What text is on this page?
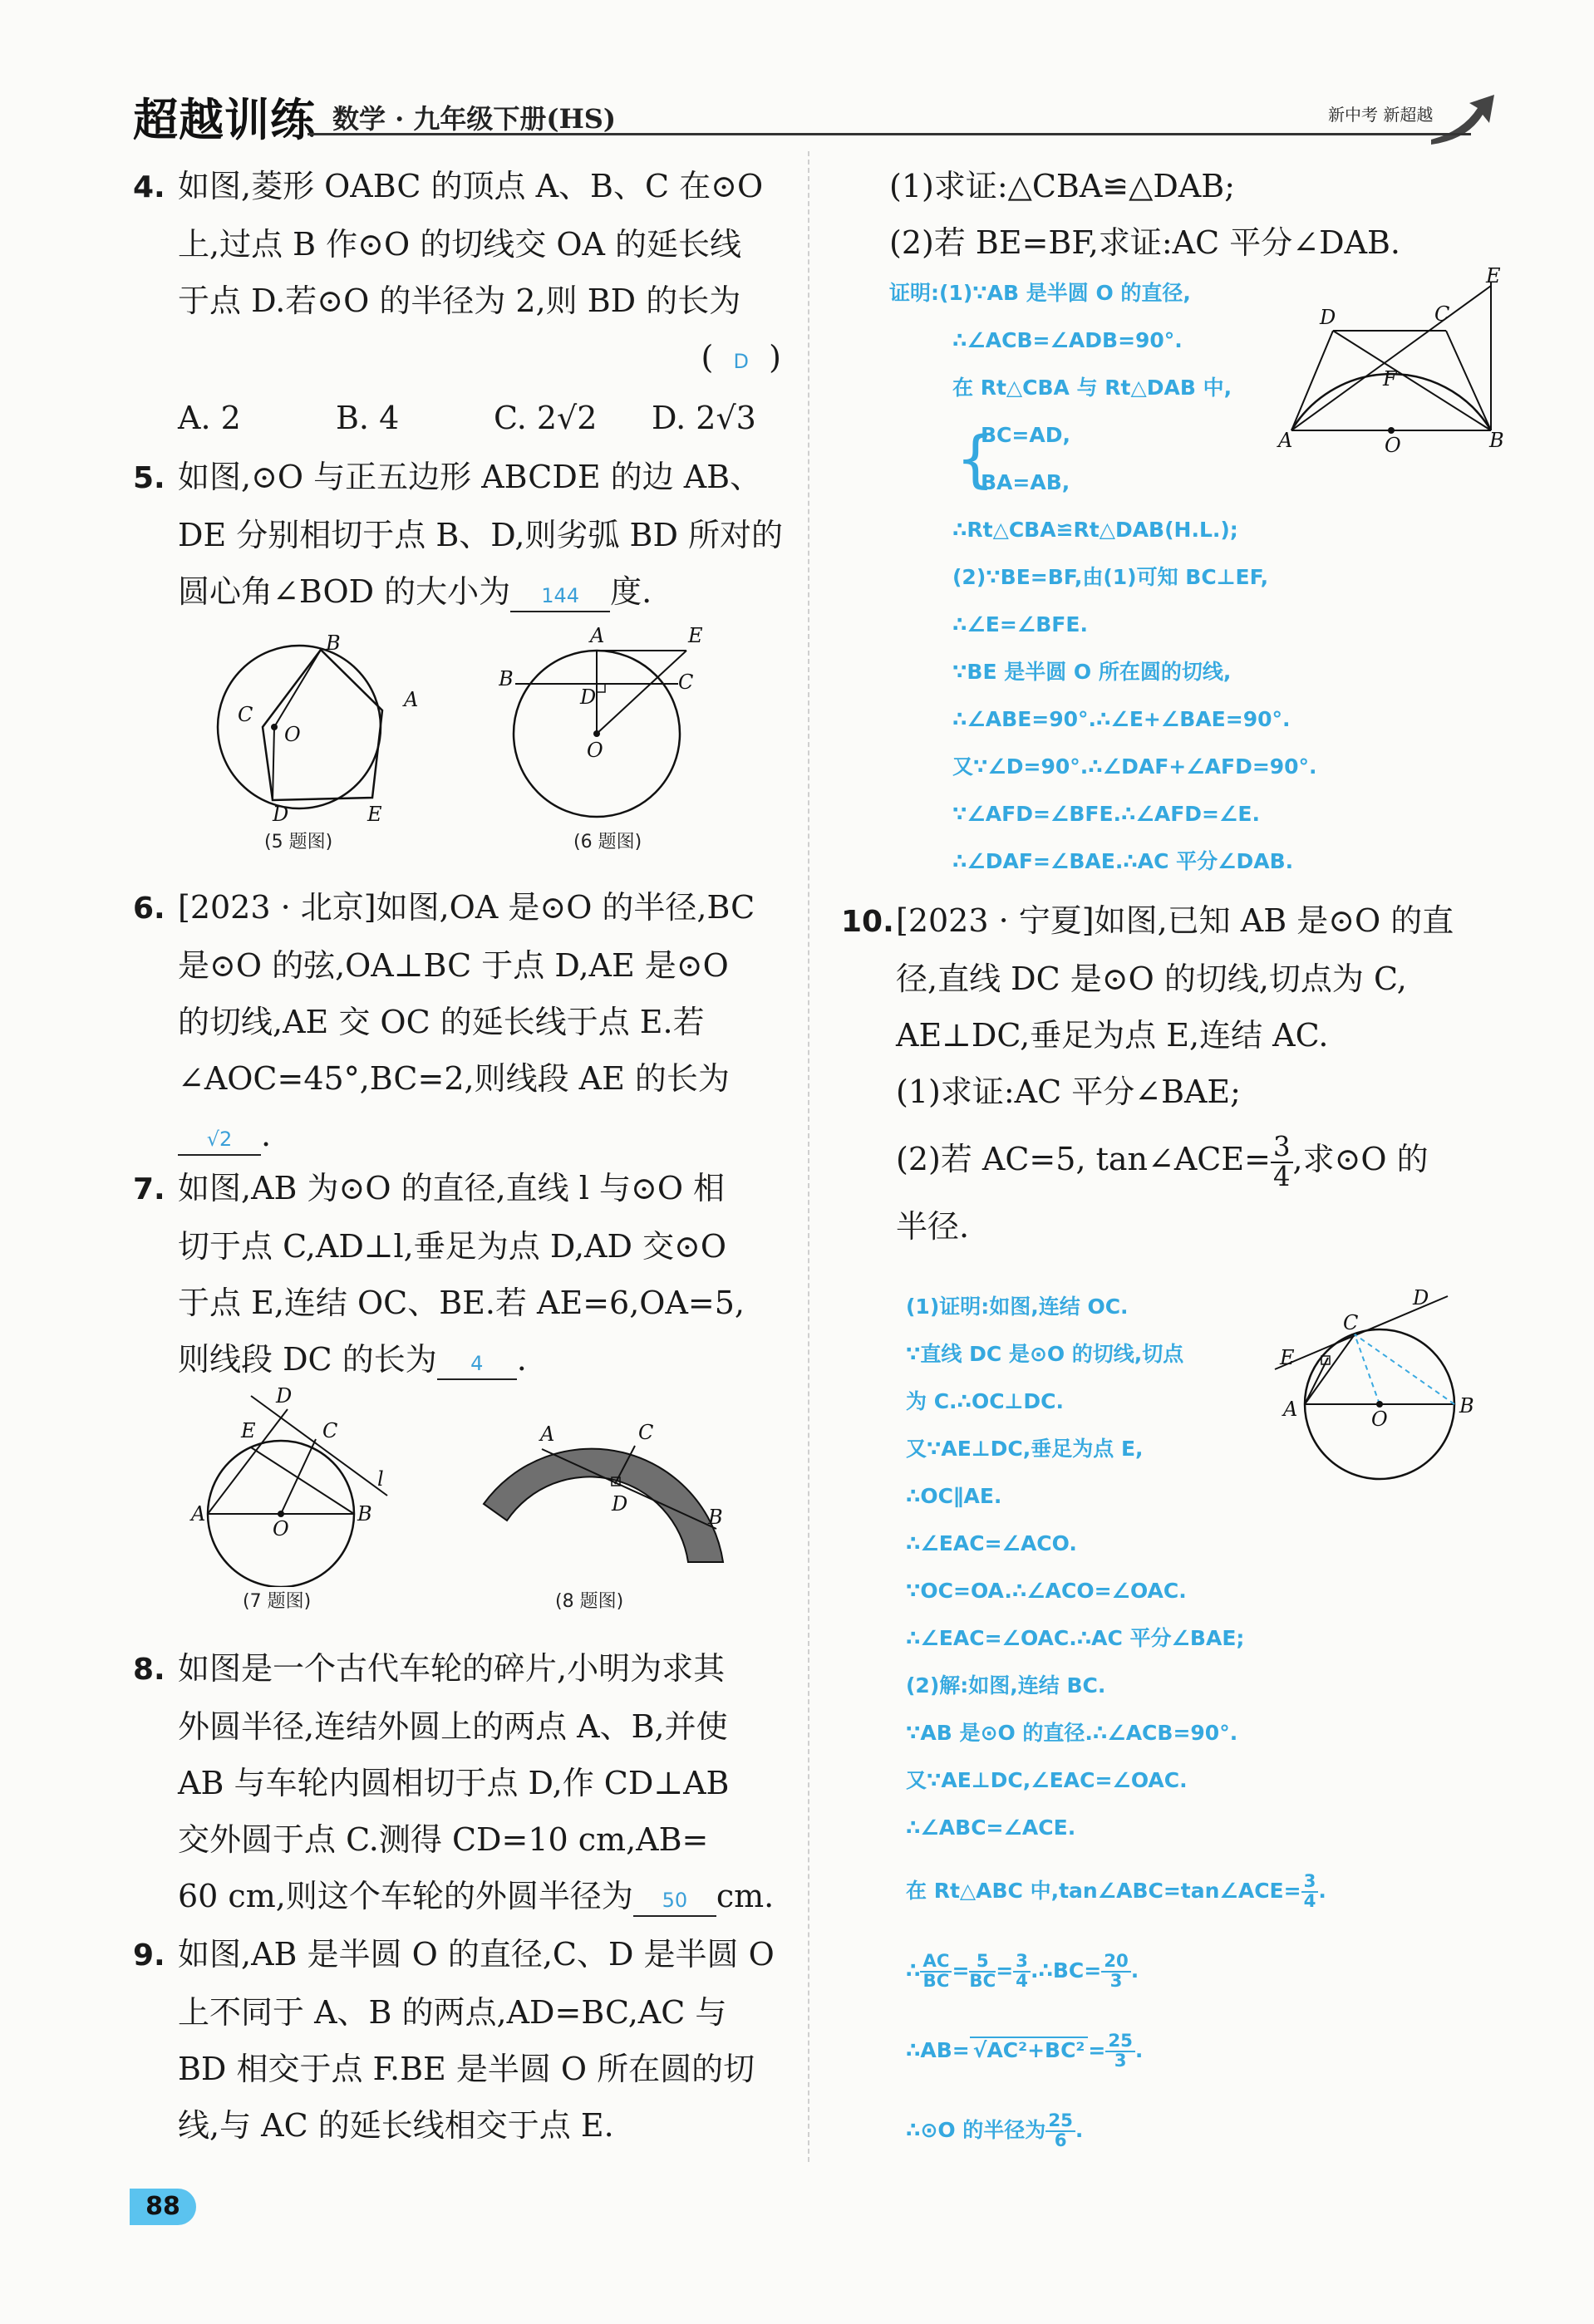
超越训练 数学 · 九年级下册(HS)	新中考 新超越
4. 如图,菱形 OABC 的顶点 A、B、C 在⊙O
上,过点 B 作⊙O 的切线交 OA 的延长线
于点 D.若⊙O 的半径为 2,则 BD 的长为
(  D  )
A. 2	B. 4	C. 2√2 D. 2√3
5. 如图,⊙O 与正五边形 ABCDE 的边 AB、
DE 分别相切于点 B、D,则劣弧 BD 所对的
圆心角∠BOD 的大小为 144 度.
B
A
C
O
D	E
(5 题图)
A	E
B	C
D
O
(6 题图)
6. [2023 · 北京]如图,OA 是⊙O 的半径,BC
是⊙O 的弦,OA⊥BC 于点 D,AE 是⊙O
的切线,AE 交 OC 的延长线于点 E.若
∠AOC=45°,BC=2,则线段 AE 的长为
√2 .
7. 如图,AB 为⊙O 的直径,直线 l 与⊙O 相
切于点 C,AD⊥l,垂足为点 D,AD 交⊙O
于点 E,连结 OC、BE.若 AE=6,OA=5,
则线段 DC 的长为 4 .
D
E	C
l
A	B
O
(7 题图)
A	C
D
B
(8 题图)
8. 如图是一个古代车轮的碎片,小明为求其
外圆半径,连结外圆上的两点 A、B,并使
AB 与车轮内圆相切于点 D,作 CD⊥AB
交外圆于点 C.测得 CD=10 cm,AB=
60 cm,则这个车轮的外圆半径为 50 cm.
9. 如图,AB 是半圆 O 的直径,C、D 是半圆 O
上不同于 A、B 的两点,AD=BC,AC 与
BD 相交于点 F.BE 是半圆 O 所在圆的切
线,与 AC 的延长线相交于点 E.
(1)求证:△CBA≌△DAB;
(2)若 BE=BF,求证:AC 平分∠DAB.

证明:(1)∵AB 是半圆 O 的直径,

∴∠ACB=∠ADB=90°.

在 Rt△CBA 与 Rt△DAB 中,

{

BC=AD,

BA=AB,

∴Rt△CBA≌Rt△DAB(H.L.);

(2)∵BE=BF,由(1)可知 BC⊥EF,

∴∠E=∠BFE.

∵BE 是半圆 O 所在圆的切线,

∴∠ABE=90°.∴∠E+∠BAE=90°.

又∵∠D=90°.∴∠DAF+∠AFD=90°.

∵∠AFD=∠BFE.∴∠AFD=∠E.

∴∠DAF=∠BAE.∴AC 平分∠DAB.

E
D	C
F
A	O	B
10.[2023 · 宁夏]如图,已知 AB 是⊙O 的直
径,直线 DC 是⊙O 的切线,切点为 C,
AE⊥DC,垂足为点 E,连结 AC.
(1)求证:AC 平分∠BAE;
(2)若 AC=5, tan∠ACE= $\frac{3}{4}$ ,求⊙O 的
半径.
D
C
E
A	O
B

(1)证明:如图,连结 OC.

∵直线 DC 是⊙O 的切线,切点

为 C.∴OC⊥DC.

又∵AE⊥DC,垂足为点 E,

∴OC∥AE.

∴∠EAC=∠ACO.

∵OC=OA.∴∠ACO=∠OAC.

∴∠EAC=∠OAC.∴AC 平分∠BAE;

(2)解:如图,连结 BC.

∵AB 是⊙O 的直径.∴∠ACB=90°.

又∵AE⊥DC,∠EAC=∠OAC.

∴∠ABC=∠ACE.

在 Rt△ABC 中,tan∠ABC=tan∠ACE= $\frac{3}{4}$ .

∴ $\frac{AC}{BC} = \frac{5}{BC} = \frac{3}{4}$ .∴BC= $\frac{20}{3}$ .

∴AB= $√AC^2+BC^2 = \frac{25}{3}$ .

∴⊙O 的半径为 $\frac{25}{6}$ .

88
